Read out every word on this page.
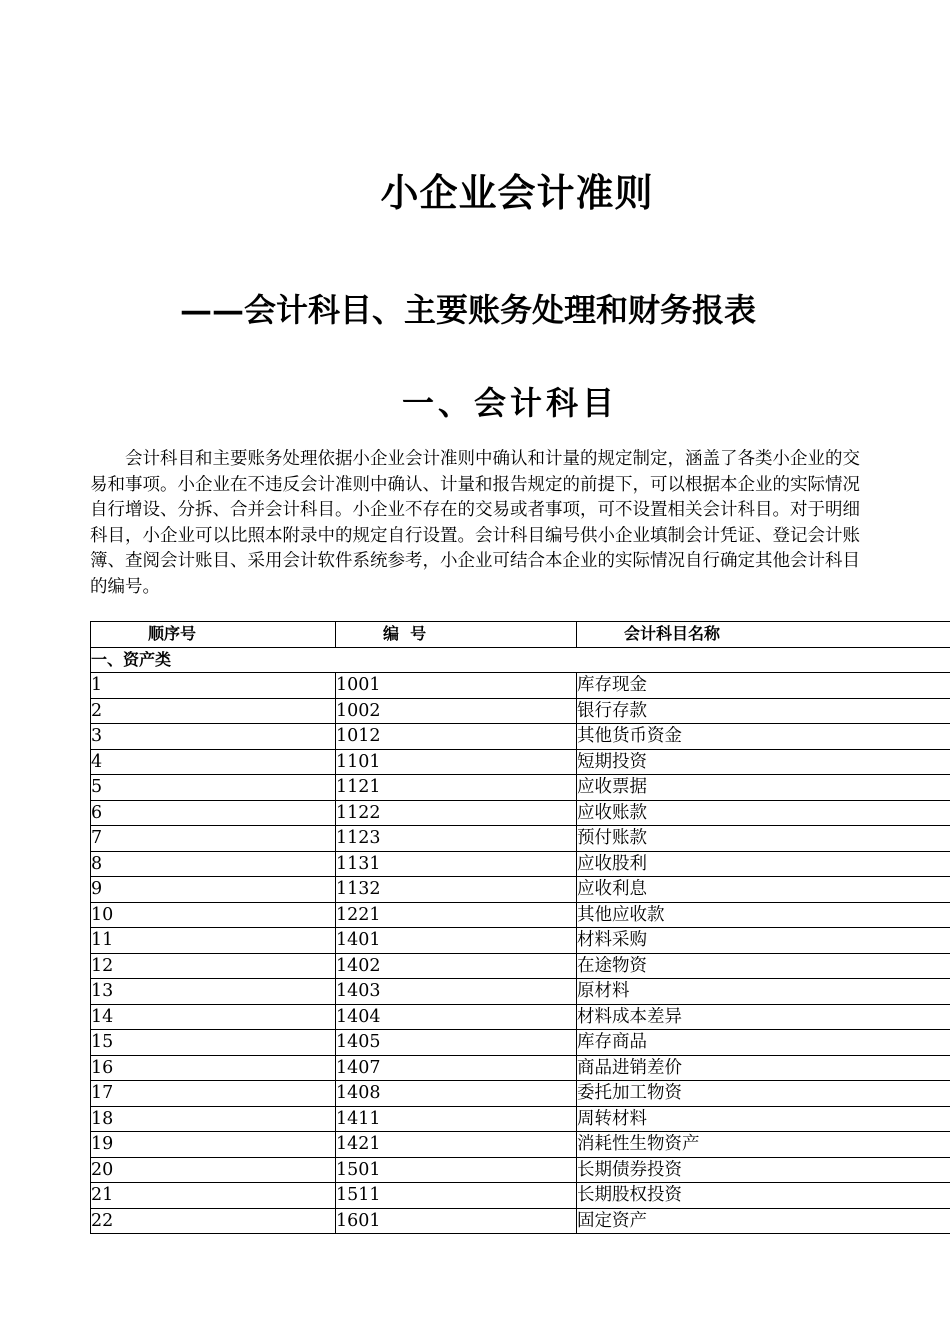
小企业会计准则
——会计科目、主要账务处理和财务报表
一、会计科目

会计科目和主要账务处理依据小企业会计准则中确认和计量的规定制定，涵盖了各类小企业的交易和事项。小企业在不违反会计准则中确认、计量和报告规定的前提下，可以根据本企业的实际情况自行增设、分拆、合并会计科目。小企业不存在的交易或者事项，可不设置相关会计科目。对于明细科目，小企业可以比照本附录中的规定自行设置。会计科目编号供小企业填制会计凭证、登记会计账簿、查阅会计账目、采用会计软件系统参考，小企业可结合本企业的实际情况自行确定其他会计科目的编号。

顺序号	编  号	会计科目名称
一、资产类		
1	1001	库存现金
2	1002	银行存款
3	1012	其他货币资金
4	1101	短期投资
5	1121	应收票据
6	1122	应收账款
7	1123	预付账款
8	1131	应收股利
9	1132	应收利息
10	1221	其他应收款
11	1401	材料采购
12	1402	在途物资
13	1403	原材料
14	1404	材料成本差异
15	1405	库存商品
16	1407	商品进销差价
17	1408	委托加工物资
18	1411	周转材料
19	1421	消耗性生物资产
20	1501	长期债券投资
21	1511	长期股权投资
22	1601	固定资产
